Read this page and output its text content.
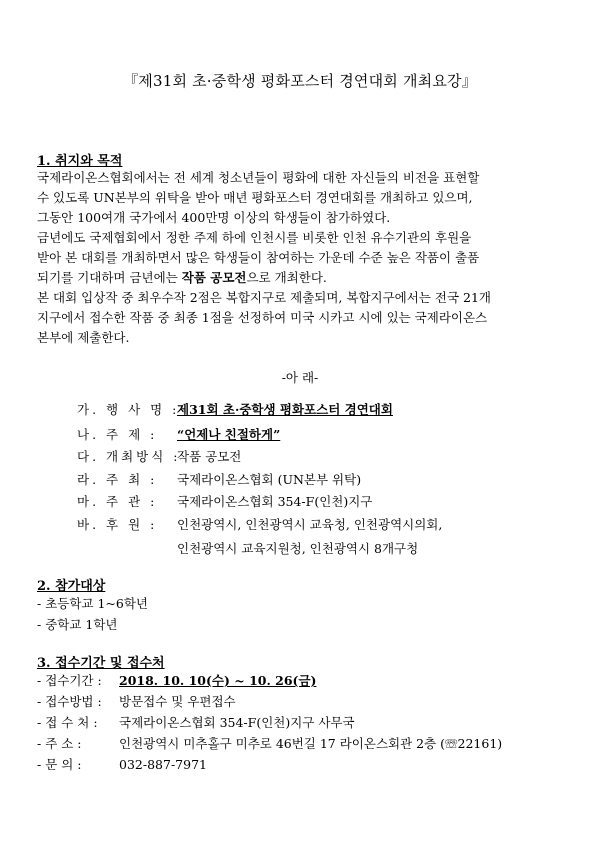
『제31회 초·중학생 평화포스터 경연대회 개최요강』
1. 취지와 목적

국제라이온스협회에서는 전 세계 청소년들이 평화에 대한 자신들의 비전을 표현할

수 있도록 UN본부의 위탁을 받아 매년 평화포스터 경연대회를 개최하고 있으며,

그동안 100여개 국가에서 400만명 이상의 학생들이 참가하였다.

금년에도 국제협회에서 정한 주제 하에 인천시를 비롯한 인천 유수기관의 후원을

받아 본 대회를 개최하면서 많은 학생들이 참여하는 가운데 수준 높은 작품이 출품

되기를 기대하며 금년에는 작품 공모전으로 개최한다.

본 대회 입상작 중 최우수작 2점은 복합지구로 제출되며, 복합지구에서는 전국 21개

지구에서 접수한 작품 중 최종 1점을 선정하여 미국 시카고 시에 있는 국제라이온스

본부에 제출한다.

-아 래-
가. 행 사 명 :제31회 초·중학생 평화포스터 경연대회
나. 주 제 : “언제나 친절하게”
다. 개최방식 :작품 공모전
라. 주 최 : 국제라이온스협회 (UN본부 위탁)
마. 주 관 : 국제라이온스협회 354-F(인천)지구
바. 후 원 : 인천광역시, 인천광역시 교육청, 인천광역시의회,
인천광역시 교육지원청, 인천광역시 8개구청
2. 참가대상
- 초등학교 1~6학년
- 중학교 1학년
3. 접수기간 및 접수처
- 접수기간 : 2018. 10. 10(수) ~ 10. 26(금)
- 접수방법 : 방문접수 및 우편접수
- 접 수 처 : 국제라이온스협회 354-F(인천)지구 사무국
- 주 소 :	인천광역시 미추홀구 미추로 46번길 17 라이온스회관 2층 (☏22161)
- 문 의 :	032-887-7971
